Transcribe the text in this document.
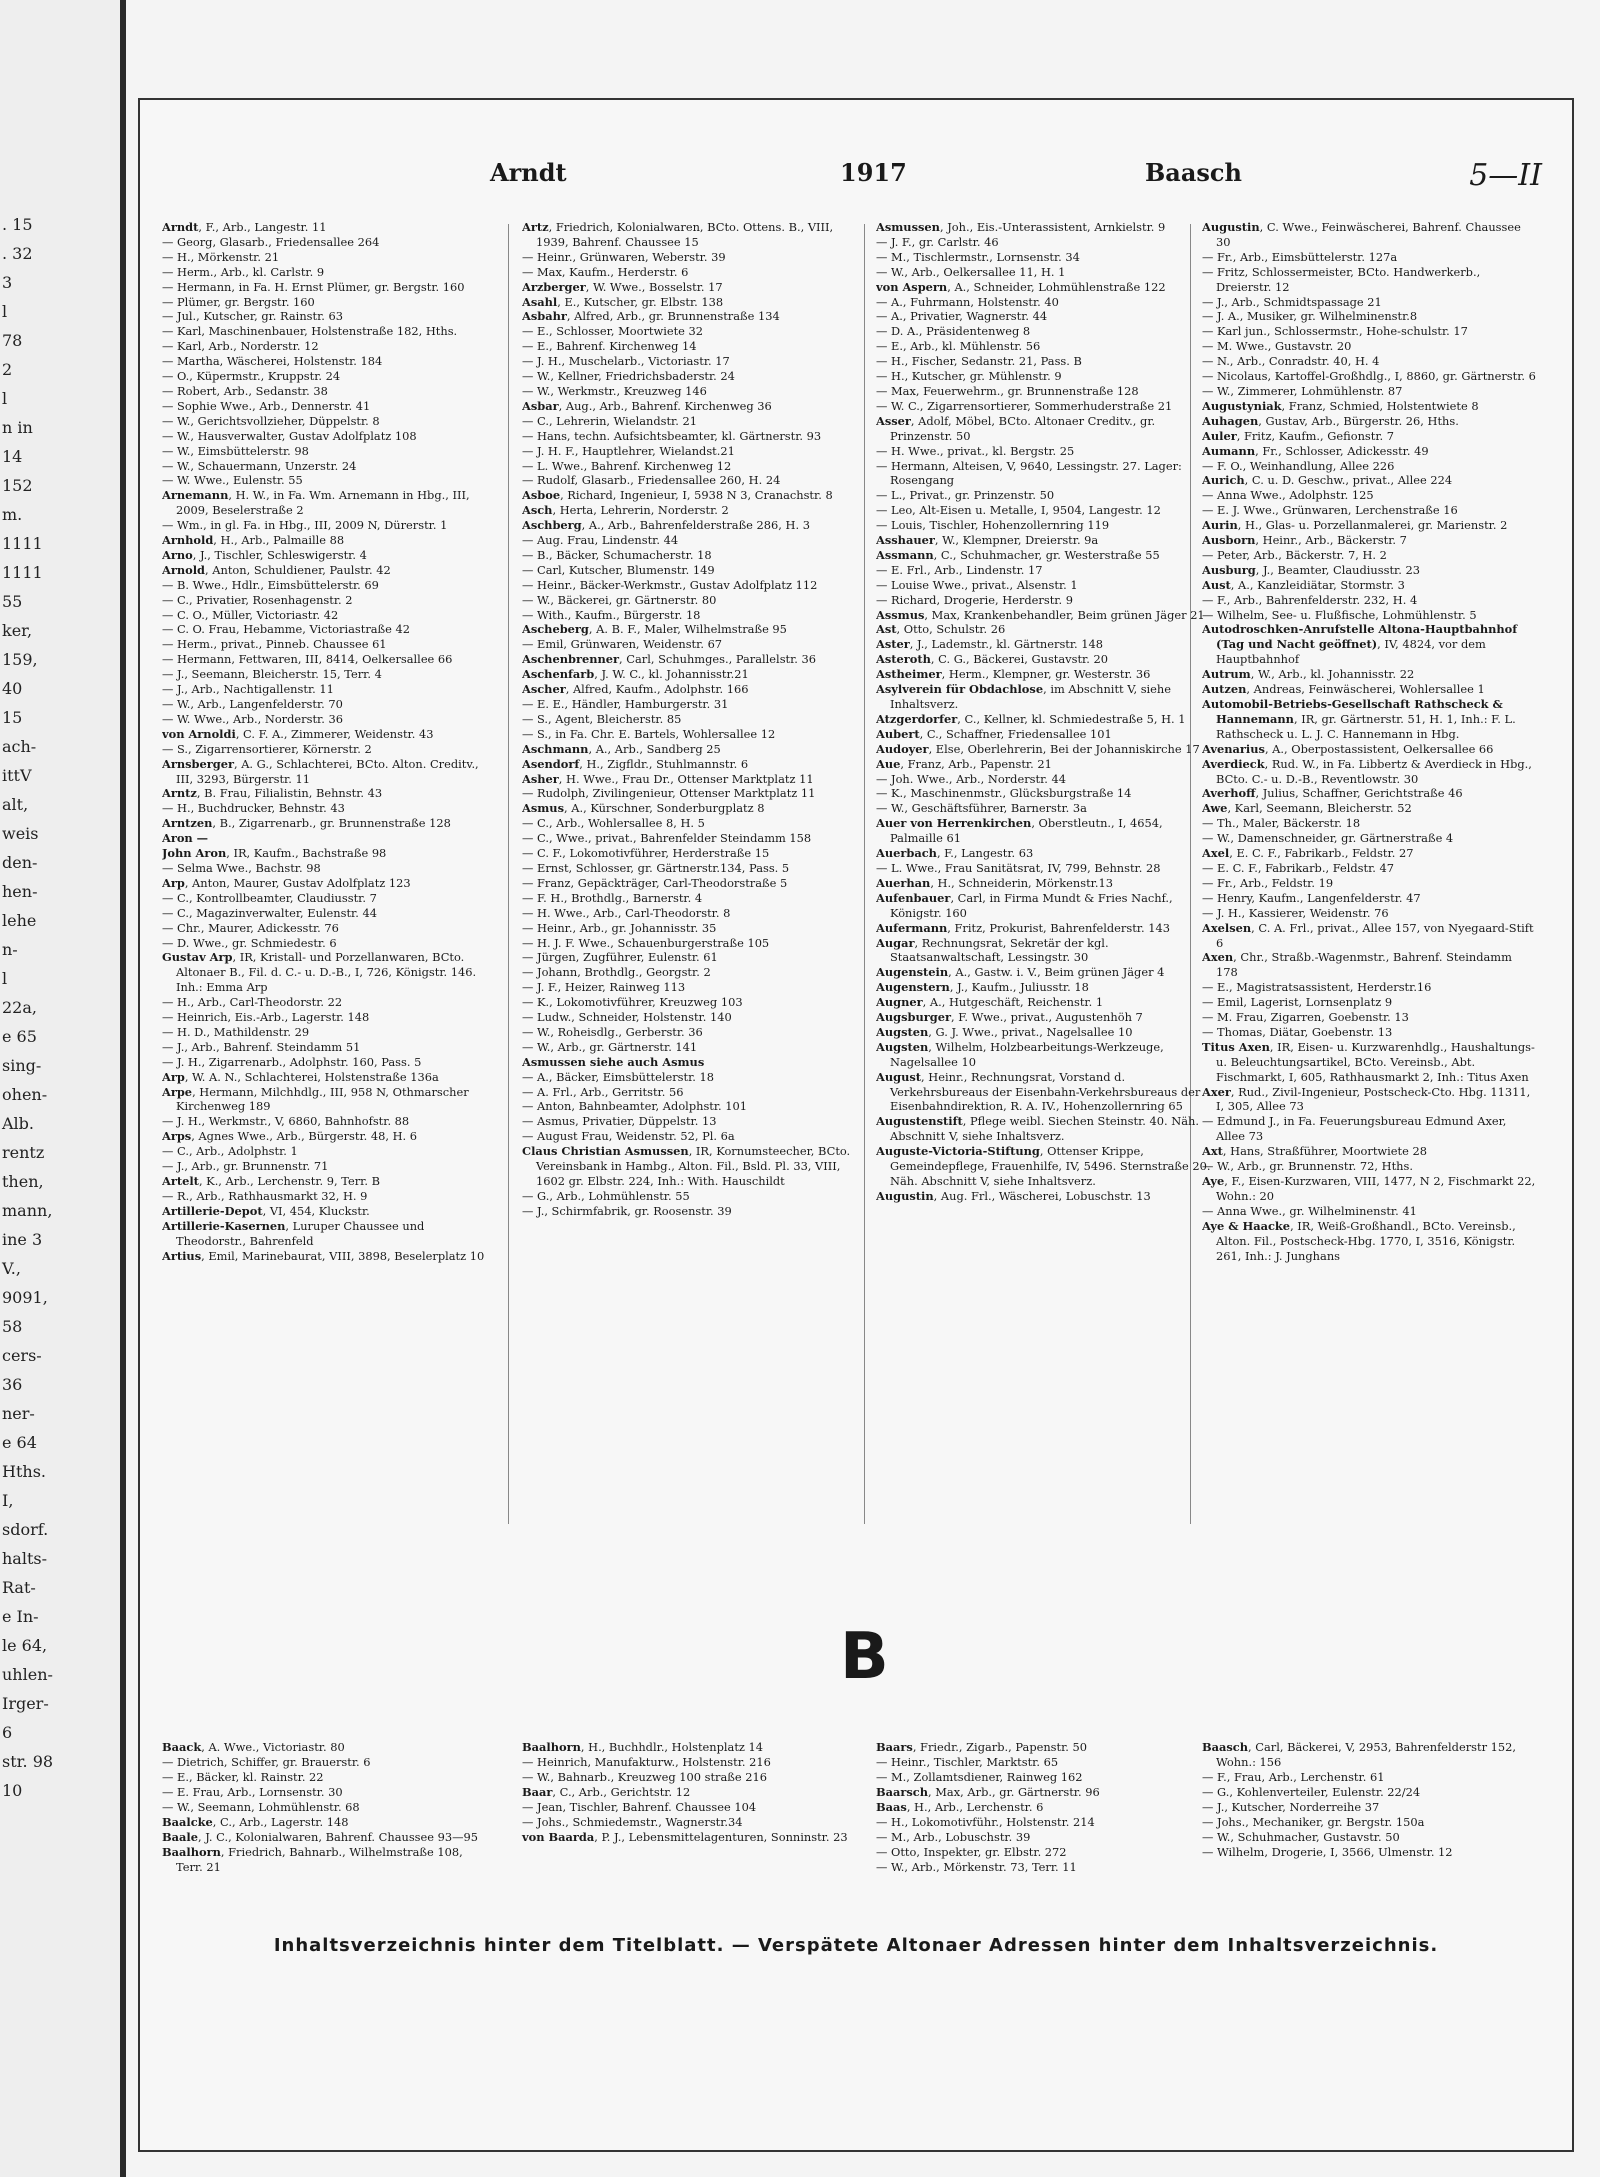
. 15
. 32
3
l
78
2
l
n in
14
152
m.
1111
1111
55
ker,
159,
40
15
ach-
ittV
alt,
weis
den-
hen-
lehe
n-
l
22a,
e 65
sing-
ohen-
Alb.
rentz
then,
mann,
ine 3
V.,
9091,
58
cers-
36
ner-
e 64
Hths.
I,
sdorf.
halts-
Rat-
e In-
le 64,
uhlen-
Irger-
6
str. 98
10
Arndt	1917	Baasch	5—II

Arndt, F., Arb., Langestr. 11

— Georg, Glasarb., Friedensallee 264

— H., Mörkenstr. 21

— Herm., Arb., kl. Carlstr. 9

— Hermann, in Fa. H. Ernst Plümer, gr. Bergstr. 160

— Plümer, gr. Bergstr. 160

— Jul., Kutscher, gr. Rainstr. 63

— Karl, Maschinenbauer, Holstenstraße 182, Hths.

— Karl, Arb., Norderstr. 12

— Martha, Wäscherei, Holstenstr. 184

— O., Küpermstr., Kruppstr. 24

— Robert, Arb., Sedanstr. 38

— Sophie Wwe., Arb., Dennerstr. 41

— W., Gerichtsvollzieher, Düppelstr. 8

— W., Hausverwalter, Gustav Adolfplatz 108

— W., Eimsbüttelerstr. 98

— W., Schauermann, Unzerstr. 24

— W. Wwe., Eulenstr. 55

Arnemann, H. W., in Fa. Wm. Arnemann in Hbg., III, 2009, Beselerstraße 2

— Wm., in gl. Fa. in Hbg., III, 2009 N, Dürerstr. 1

Arnhold, H., Arb., Palmaille 88

Arno, J., Tischler, Schleswigerstr. 4

Arnold, Anton, Schuldiener, Paulstr. 42

— B. Wwe., Hdlr., Eimsbüttelerstr. 69

— C., Privatier, Rosenhagenstr. 2

— C. O., Müller, Victoriastr. 42

— C. O. Frau, Hebamme, Victoriastraße 42

— Herm., privat., Pinneb. Chaussee 61

— Hermann, Fettwaren, III, 8414, Oelkersallee 66

— J., Seemann, Bleicherstr. 15, Terr. 4

— J., Arb., Nachtigallenstr. 11

— W., Arb., Langenfelderstr. 70

— W. Wwe., Arb., Norderstr. 36

von Arnoldi, C. F. A., Zimmerer, Weidenstr. 43

— S., Zigarrensortierer, Körnerstr. 2

Arnsberger, A. G., Schlachterei, BCto. Alton. Creditv., III, 3293, Bürgerstr. 11

Arntz, B. Frau, Filialistin, Behnstr. 43

— H., Buchdrucker, Behnstr. 43

Arntzen, B., Zigarrenarb., gr. Brunnenstraße 128

Aron —

John Aron, IR, Kaufm., Bachstraße 98

— Selma Wwe., Bachstr. 98

Arp, Anton, Maurer, Gustav Adolfplatz 123

— C., Kontrollbeamter, Claudiusstr. 7

— C., Magazinverwalter, Eulenstr. 44

— Chr., Maurer, Adickesstr. 76

— D. Wwe., gr. Schmiedestr. 6

Gustav Arp, IR, Kristall- und Porzellanwaren, BCto. Altonaer B., Fil. d. C.- u. D.-B., I, 726, Königstr. 146. Inh.: Emma Arp

— H., Arb., Carl-Theodorstr. 22

— Heinrich, Eis.-Arb., Lagerstr. 148

— H. D., Mathildenstr. 29

— J., Arb., Bahrenf. Steindamm 51

— J. H., Zigarrenarb., Adolphstr. 160, Pass. 5

Arp, W. A. N., Schlachterei, Holstenstraße 136a

Arpe, Hermann, Milchhdlg., III, 958 N, Othmarscher Kirchenweg 189

— J. H., Werkmstr., V, 6860, Bahnhofstr. 88

Arps, Agnes Wwe., Arb., Bürgerstr. 48, H. 6

— C., Arb., Adolphstr. 1

— J., Arb., gr. Brunnenstr. 71

Artelt, K., Arb., Lerchenstr. 9, Terr. B

— R., Arb., Rathhausmarkt 32, H. 9

Artillerie-Depot, VI, 454, Kluckstr.

Artillerie-Kasernen, Luruper Chaussee und Theodorstr., Bahrenfeld

Artius, Emil, Marinebaurat, VIII, 3898, Beselerplatz 10

Artz, Friedrich, Kolonialwaren, BCto. Ottens. B., VIII, 1939, Bahrenf. Chaussee 15

— Heinr., Grünwaren, Weberstr. 39

— Max, Kaufm., Herderstr. 6

Arzberger, W. Wwe., Bosselstr. 17

Asahl, E., Kutscher, gr. Elbstr. 138

Asbahr, Alfred, Arb., gr. Brunnenstraße 134

— E., Schlosser, Moortwiete 32

— E., Bahrenf. Kirchenweg 14

— J. H., Muschelarb., Victoriastr. 17

— W., Kellner, Friedrichsbaderstr. 24

— W., Werkmstr., Kreuzweg 146

Asbar, Aug., Arb., Bahrenf. Kirchenweg 36

— C., Lehrerin, Wielandstr. 21

— Hans, techn. Aufsichtsbeamter, kl. Gärtnerstr. 93

— J. H. F., Hauptlehrer, Wielandst.21

— L. Wwe., Bahrenf. Kirchenweg 12

— Rudolf, Glasarb., Friedensallee 260, H. 24

Asboe, Richard, Ingenieur, I, 5938 N 3, Cranachstr. 8

Asch, Herta, Lehrerin, Norderstr. 2

Aschberg, A., Arb., Bahrenfelderstraße 286, H. 3

— Aug. Frau, Lindenstr. 44

— B., Bäcker, Schumacherstr. 18

— Carl, Kutscher, Blumenstr. 149

— Heinr., Bäcker-Werkmstr., Gustav Adolfplatz 112

— W., Bäckerei, gr. Gärtnerstr. 80

— With., Kaufm., Bürgerstr. 18

Ascheberg, A. B. F., Maler, Wilhelmstraße 95

— Emil, Grünwaren, Weidenstr. 67

Aschenbrenner, Carl, Schuhmges., Parallelstr. 36

Aschenfarb, J. W. C., kl. Johannisstr.21

Ascher, Alfred, Kaufm., Adolphstr. 166

— E. E., Händler, Hamburgerstr. 31

— S., Agent, Bleicherstr. 85

— S., in Fa. Chr. E. Bartels, Wohlersallee 12

Aschmann, A., Arb., Sandberg 25

Asendorf, H., Zigfldr., Stuhlmannstr. 6

Asher, H. Wwe., Frau Dr., Ottenser Marktplatz 11

— Rudolph, Zivilingenieur, Ottenser Marktplatz 11

Asmus, A., Kürschner, Sonderburgplatz 8

— C., Arb., Wohlersallee 8, H. 5

— C., Wwe., privat., Bahrenfelder Steindamm 158

— C. F., Lokomotivführer, Herderstraße 15

— Ernst, Schlosser, gr. Gärtnerstr.134, Pass. 5

— Franz, Gepäckträger, Carl-Theodorstraße 5

— F. H., Brothdlg., Barnerstr. 4

— H. Wwe., Arb., Carl-Theodorstr. 8

— Heinr., Arb., gr. Johannisstr. 35

— H. J. F. Wwe., Schauenburgerstraße 105

— Jürgen, Zugführer, Eulenstr. 61

— Johann, Brothdlg., Georgstr. 2

— J. F., Heizer, Rainweg 113

— K., Lokomotivführer, Kreuzweg 103

— Ludw., Schneider, Holstenstr. 140

— W., Roheisdlg., Gerberstr. 36

— W., Arb., gr. Gärtnerstr. 141

Asmussen siehe auch Asmus

— A., Bäcker, Eimsbüttelerstr. 18

— A. Frl., Arb., Gerritstr. 56

— Anton, Bahnbeamter, Adolphstr. 101

— Asmus, Privatier, Düppelstr. 13

— August Frau, Weidenstr. 52, Pl. 6a

Claus Christian Asmussen, IR, Kornumsteecher, BCto. Vereinsbank in Hambg., Alton. Fil., Bsld. Pl. 33, VIII, 1602 gr. Elbstr. 224, Inh.: With. Hauschildt

— G., Arb., Lohmühlenstr. 55

— J., Schirmfabrik, gr. Roosenstr. 39

Asmussen, Joh., Eis.-Unterassistent, Arnkielstr. 9

— J. F., gr. Carlstr. 46

— M., Tischlermstr., Lornsenstr. 34

— W., Arb., Oelkersallee 11, H. 1

von Aspern, A., Schneider, Lohmühlenstraße 122

— A., Fuhrmann, Holstenstr. 40

— A., Privatier, Wagnerstr. 44

— D. A., Präsidentenweg 8

— E., Arb., kl. Mühlenstr. 56

— H., Fischer, Sedanstr. 21, Pass. B

— H., Kutscher, gr. Mühlenstr. 9

— Max, Feuerwehrm., gr. Brunnenstraße 128

— W. C., Zigarrensortierer, Sommerhuderstraße 21

Asser, Adolf, Möbel, BCto. Altonaer Creditv., gr. Prinzenstr. 50

— H. Wwe., privat., kl. Bergstr. 25

— Hermann, Alteisen, V, 9640, Lessingstr. 27. Lager: Rosengang

— L., Privat., gr. Prinzenstr. 50

— Leo, Alt-Eisen u. Metalle, I, 9504, Langestr. 12

— Louis, Tischler, Hohenzollernring 119

Asshauer, W., Klempner, Dreierstr. 9a

Assmann, C., Schuhmacher, gr. Westerstraße 55

— E. Frl., Arb., Lindenstr. 17

— Louise Wwe., privat., Alsenstr. 1

— Richard, Drogerie, Herderstr. 9

Assmus, Max, Krankenbehandler, Beim grünen Jäger 21

Ast, Otto, Schulstr. 26

Aster, J., Lademstr., kl. Gärtnerstr. 148

Asteroth, C. G., Bäckerei, Gustavstr. 20

Astheimer, Herm., Klempner, gr. Westerstr. 36

Asylverein für Obdachlose, im Abschnitt V, siehe Inhaltsverz.

Atzgerdorfer, C., Kellner, kl. Schmiedestraße 5, H. 1

Aubert, C., Schaffner, Friedensallee 101

Audoyer, Else, Oberlehrerin, Bei der Johanniskirche 17

Aue, Franz, Arb., Papenstr. 21

— Joh. Wwe., Arb., Norderstr. 44

— K., Maschinenmstr., Glücksburgstraße 14

— W., Geschäftsführer, Barnerstr. 3a

Auer von Herrenkirchen, Oberstleutn., I, 4654, Palmaille 61

Auerbach, F., Langestr. 63

— L. Wwe., Frau Sanitätsrat, IV, 799, Behnstr. 28

Auerhan, H., Schneiderin, Mörkenstr.13

Aufenbauer, Carl, in Firma Mundt & Fries Nachf., Königstr. 160

Aufermann, Fritz, Prokurist, Bahrenfelderstr. 143

Augar, Rechnungsrat, Sekretär der kgl. Staatsanwaltschaft, Lessingstr. 30

Augenstein, A., Gastw. i. V., Beim grünen Jäger 4

Augenstern, J., Kaufm., Juliusstr. 18

Augner, A., Hutgeschäft, Reichenstr. 1

Augsburger, F. Wwe., privat., Augustenhöh 7

Augsten, G. J. Wwe., privat., Nagelsallee 10

Augsten, Wilhelm, Holzbearbeitungs-Werkzeuge, Nagelsallee 10

August, Heinr., Rechnungsrat, Vorstand d. Verkehrsbureaus der Eisenbahn-Verkehrsbureaus der Eisenbahndirektion, R. A. IV., Hohenzollernring 65

Augustenstift, Pflege weibl. Siechen Steinstr. 40. Näh. Abschnitt V, siehe Inhaltsverz.

Auguste-Victoria-Stiftung, Ottenser Krippe, Gemeindepflege, Frauenhilfe, IV, 5496. Sternstraße 20. Näh. Abschnitt V, siehe Inhaltsverz.

Augustin, Aug. Frl., Wäscherei, Lobuschstr. 13

Augustin, C. Wwe., Feinwäscherei, Bahrenf. Chaussee 30

— Fr., Arb., Eimsbüttelerstr. 127a

— Fritz, Schlossermeister, BCto. Handwerkerb., Dreierstr. 12

— J., Arb., Schmidtspassage 21

— J. A., Musiker, gr. Wilhelminenstr.8

— Karl jun., Schlossermstr., Hohe-schulstr. 17

— M. Wwe., Gustavstr. 20

— N., Arb., Conradstr. 40, H. 4

— Nicolaus, Kartoffel-Großhdlg., I, 8860, gr. Gärtnerstr. 6

— W., Zimmerer, Lohmühlenstr. 87

Augustyniak, Franz, Schmied, Holstentwiete 8

Auhagen, Gustav, Arb., Bürgerstr. 26, Hths.

Auler, Fritz, Kaufm., Gefionstr. 7

Aumann, Fr., Schlosser, Adickesstr. 49

— F. O., Weinhandlung, Allee 226

Aurich, C. u. D. Geschw., privat., Allee 224

— Anna Wwe., Adolphstr. 125

— E. J. Wwe., Grünwaren, Lerchenstraße 16

Aurin, H., Glas- u. Porzellanmalerei, gr. Marienstr. 2

Ausborn, Heinr., Arb., Bäckerstr. 7

— Peter, Arb., Bäckerstr. 7, H. 2

Ausburg, J., Beamter, Claudiusstr. 23

Aust, A., Kanzleidiätar, Stormstr. 3

— F., Arb., Bahrenfelderstr. 232, H. 4

— Wilhelm, See- u. Flußfische, Lohmühlenstr. 5

Autodroschken-Anrufstelle Altona-Hauptbahnhof (Tag und Nacht geöffnet), IV, 4824, vor dem Hauptbahnhof

Autrum, W., Arb., kl. Johannisstr. 22

Autzen, Andreas, Feinwäscherei, Wohlersallee 1

Automobil-Betriebs-Gesellschaft Rathscheck & Hannemann, IR, gr. Gärtnerstr. 51, H. 1, Inh.: F. L. Rathscheck u. L. J. C. Hannemann in Hbg.

Avenarius, A., Oberpostassistent, Oelkersallee 66

Averdieck, Rud. W., in Fa. Libbertz & Averdieck in Hbg., BCto. C.- u. D.-B., Reventlowstr. 30

Averhoff, Julius, Schaffner, Gerichtstraße 46

Awe, Karl, Seemann, Bleicherstr. 52

— Th., Maler, Bäckerstr. 18

— W., Damenschneider, gr. Gärtnerstraße 4

Axel, E. C. F., Fabrikarb., Feldstr. 27

— E. C. F., Fabrikarb., Feldstr. 47

— Fr., Arb., Feldstr. 19

— Henry, Kaufm., Langenfelderstr. 47

— J. H., Kassierer, Weidenstr. 76

Axelsen, C. A. Frl., privat., Allee 157, von Nyegaard-Stift 6

Axen, Chr., Straßb.-Wagenmstr., Bahrenf. Steindamm 178

— E., Magistratsassistent, Herderstr.16

— Emil, Lagerist, Lornsenplatz 9

— M. Frau, Zigarren, Goebenstr. 13

— Thomas, Diätar, Goebenstr. 13

Titus Axen, IR, Eisen- u. Kurzwarenhdlg., Haushaltungs- u. Beleuchtungsartikel, BCto. Vereinsb., Abt. Fischmarkt, I, 605, Rathhausmarkt 2, Inh.: Titus Axen

Axer, Rud., Zivil-Ingenieur, Postscheck-Cto. Hbg. 11311, I, 305, Allee 73

— Edmund J., in Fa. Feuerungsbureau Edmund Axer, Allee 73

Axt, Hans, Straßführer, Moortwiete 28

— W., Arb., gr. Brunnenstr. 72, Hths.

Aye, F., Eisen-Kurzwaren, VIII, 1477, N 2, Fischmarkt 22, Wohn.: 20

— Anna Wwe., gr. Wilhelminenstr. 41

Aye & Haacke, IR, Weiß-Großhandl., BCto. Vereinsb., Alton. Fil., Postscheck-Hbg. 1770, I, 3516, Königstr. 261, Inh.: J. Junghans

B

Baack, A. Wwe., Victoriastr. 80

— Dietrich, Schiffer, gr. Brauerstr. 6

— E., Bäcker, kl. Rainstr. 22

— E. Frau, Arb., Lornsenstr. 30

— W., Seemann, Lohmühlenstr. 68

Baalcke, C., Arb., Lagerstr. 148

Baale, J. C., Kolonialwaren, Bahrenf. Chaussee 93—95

Baalhorn, Friedrich, Bahnarb., Wilhelmstraße 108, Terr. 21

Baalhorn, H., Buchhdlr., Holstenplatz 14

— Heinrich, Manufakturw., Holstenstr. 216

— W., Bahnarb., Kreuzweg 100 straße 216

Baar, C., Arb., Gerichtstr. 12

— Jean, Tischler, Bahrenf. Chaussee 104

— Johs., Schmiedemstr., Wagnerstr.34

von Baarda, P. J., Lebensmittelagenturen, Sonninstr. 23

Baars, Friedr., Zigarb., Papenstr. 50

— Heinr., Tischler, Marktstr. 65

— M., Zollamtsdiener, Rainweg 162

Baarsch, Max, Arb., gr. Gärtnerstr. 96

Baas, H., Arb., Lerchenstr. 6

— H., Lokomotivführ., Holstenstr. 214

— M., Arb., Lobuschstr. 39

— Otto, Inspekter, gr. Elbstr. 272

— W., Arb., Mörkenstr. 73, Terr. 11

Baasch, Carl, Bäckerei, V, 2953, Bahrenfelderstr 152, Wohn.: 156

— F., Frau, Arb., Lerchenstr. 61

— G., Kohlenverteiler, Eulenstr. 22/24

— J., Kutscher, Norderreihe 37

— Johs., Mechaniker, gr. Bergstr. 150a

— W., Schuhmacher, Gustavstr. 50

— Wilhelm, Drogerie, I, 3566, Ulmenstr. 12

Inhaltsverzeichnis hinter dem Titelblatt. — Verspätete Altonaer Adressen hinter dem Inhaltsverzeichnis.
